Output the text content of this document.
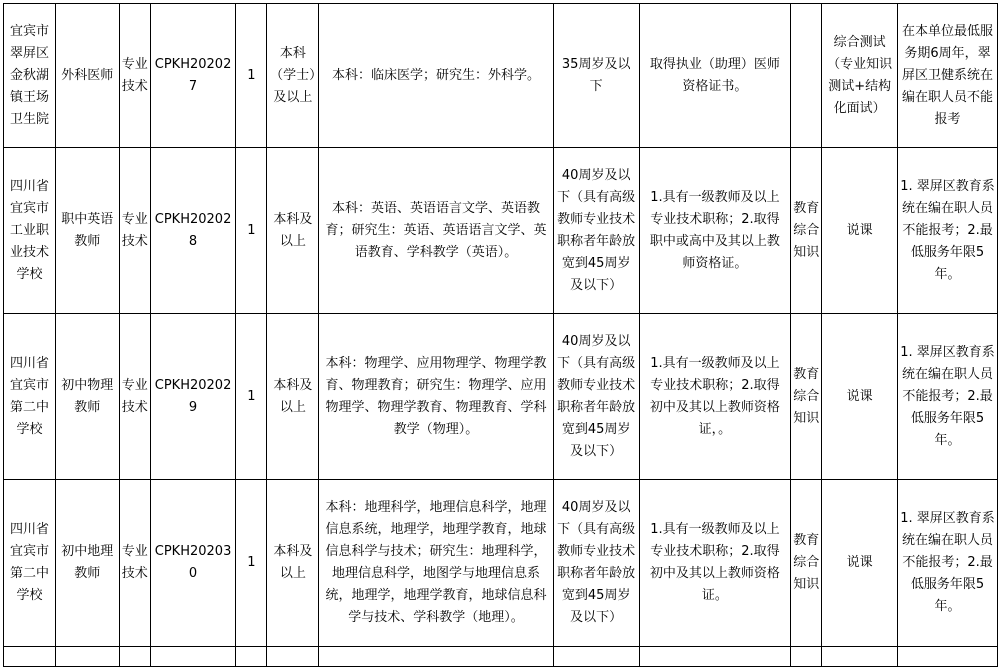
宜宾市翠屏区金秋湖镇王场卫生院	外科医师	专业技术	CPKH202027	1	本科（学士）及以上	本科：临床医学；研究生：外科学。	35周岁及以下	取得执业（助理）医师资格证书。		综合测试（专业知识测试+结构化面试）	在本单位最低服务期6周年，翠屏区卫健系统在编在职人员不能报考
四川省宜宾市工业职业技术学校	职中英语教师	专业技术	CPKH202028	1	本科及以上	本科：英语、英语语言文学、英语教育；研究生：英语、英语语言文学、英语教育、学科教学（英语）。	40周岁及以下（具有高级教师专业技术职称者年龄放宽到45周岁及以下）	1.具有一级教师及以上专业技术职称；2.取得职中或高中及其以上教师资格证。	教育综合知识	说课	1. 翠屏区教育系统在编在职人员不能报考；2.最低服务年限5年。
四川省宜宾市第二中学校	初中物理教师	专业技术	CPKH202029	1	本科及以上	本科：物理学、应用物理学、物理学教育、物理教育；研究生：物理学、应用物理学、物理学教育、物理教育、学科教学（物理）。	40周岁及以下（具有高级教师专业技术职称者年龄放宽到45周岁及以下）	1.具有一级教师及以上专业技术职称；2.取得初中及其以上教师资格证，。	教育综合知识	说课	1. 翠屏区教育系统在编在职人员不能报考；2.最低服务年限5年。
四川省宜宾市第二中学校	初中地理教师	专业技术	CPKH202030	1	本科及以上	本科：地理科学，地理信息科学，地理信息系统，地理学，地理学教育，地球信息科学与技术；研究生：地理科学，地理信息科学，地图学与地理信息系统，地理学，地理学教育，地球信息科学与技术、学科教学（地理）。	40周岁及以下（具有高级教师专业技术职称者年龄放宽到45周岁及以下）	1.具有一级教师及以上专业技术职称；2.取得初中及其以上教师资格证。	教育综合知识	说课	1. 翠屏区教育系统在编在职人员不能报考；2.最低服务年限5年。
